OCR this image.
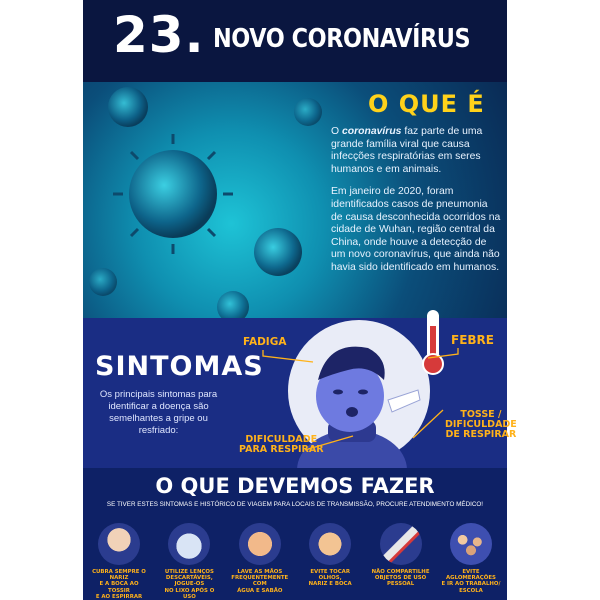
23. NOVO CORONAVÍRUS
O QUE É

O coronavírus faz parte de uma grande família viral que causa infecções respiratórias em seres humanos e em animais.

Em janeiro de 2020, foram identificados casos de pneumonia de causa desconhecida ocorridos na cidade de Wuhan, região central da China, onde houve a detecção de um novo coronavírus, que ainda não havia sido identificado em humanos.

SINTOMAS
Os principais sintomas para identificar a doença são semelhantes a gripe ou resfriado:
FADIGA	FEBRE
TOSSE /
DIFICULDADE
DE RESPIRAR
DIFICULDADE
PARA RESPIRAR
O QUE DEVEMOS FAZER
SE TIVER ESTES SINTOMAS E HISTÓRICO DE VIAGEM PARA LOCAIS DE TRANSMISSÃO, PROCURE ATENDIMENTO MÉDICO!
CUBRA SEMPRE O NARIZ
E A BOCA AO TOSSIR
E AO ESPIRRAR
UTILIZE LENÇOS
DESCARTÁVEIS, JOGUE-OS
NO LIXO APÓS O USO
LAVE AS MÃOS
FREQUENTEMENTE COM
ÁGUA E SABÃO
EVITE TOCAR OLHOS,
NARIZ E BOCA
NÃO COMPARTILHE
OBJETOS DE USO
PESSOAL
EVITE AGLOMERAÇÕES
E IR AO TRABALHO/
ESCOLA
